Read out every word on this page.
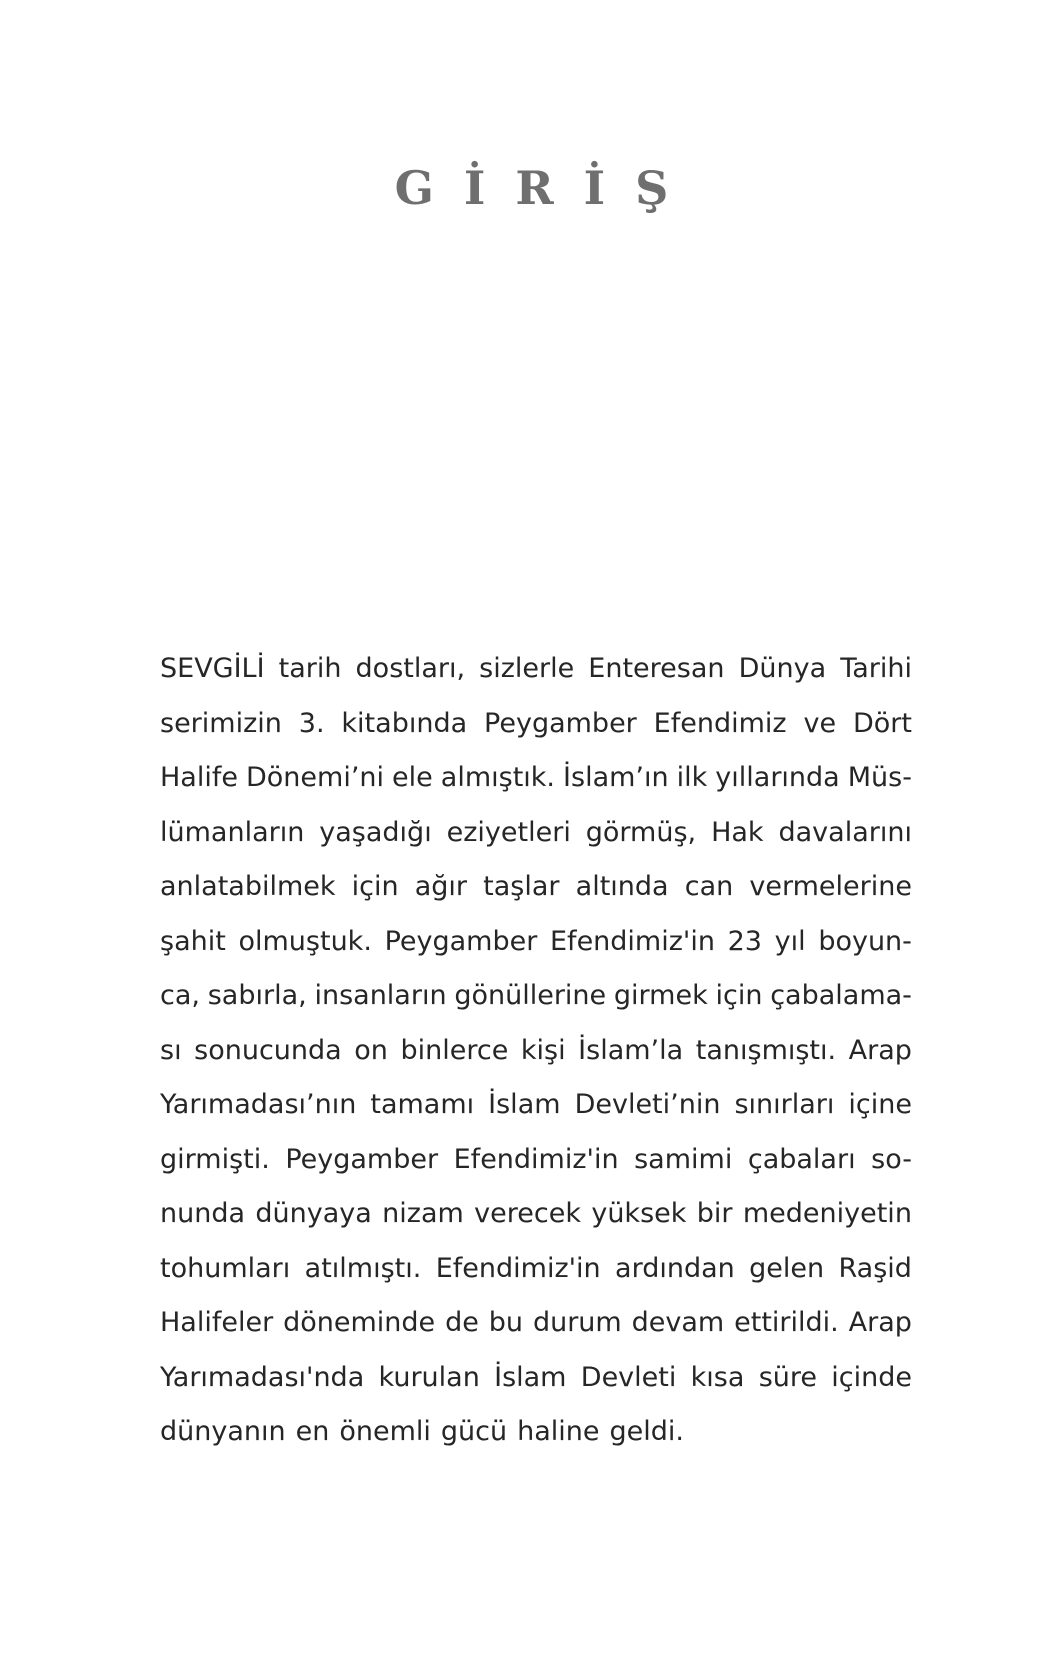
GİRİŞ
SEVGİLİ tarih dostları, sizlerle Enteresan Dünya Tarihi
serimizin 3. kitabında Peygamber Efendimiz ve Dört
Halife Dönemi’ni ele almıştık. İslam’ın ilk yıllarında Müs-
lümanların yaşadığı eziyetleri görmüş, Hak davalarını
anlatabilmek için ağır taşlar altında can vermelerine
şahit olmuştuk. Peygamber Efendimiz'in 23 yıl boyun-
ca, sabırla, insanların gönüllerine girmek için çabalama-
sı sonucunda on binlerce kişi İslam’la tanışmıştı. Arap
Yarımadası’nın tamamı İslam Devleti’nin sınırları içine
girmişti. Peygamber Efendimiz'in samimi çabaları so-
nunda dünyaya nizam verecek yüksek bir medeniyetin
tohumları atılmıştı. Efendimiz'in ardından gelen Raşid
Halifeler döneminde de bu durum devam ettirildi. Arap
Yarımadası'nda kurulan İslam Devleti kısa süre içinde
dünyanın en önemli gücü haline geldi.
